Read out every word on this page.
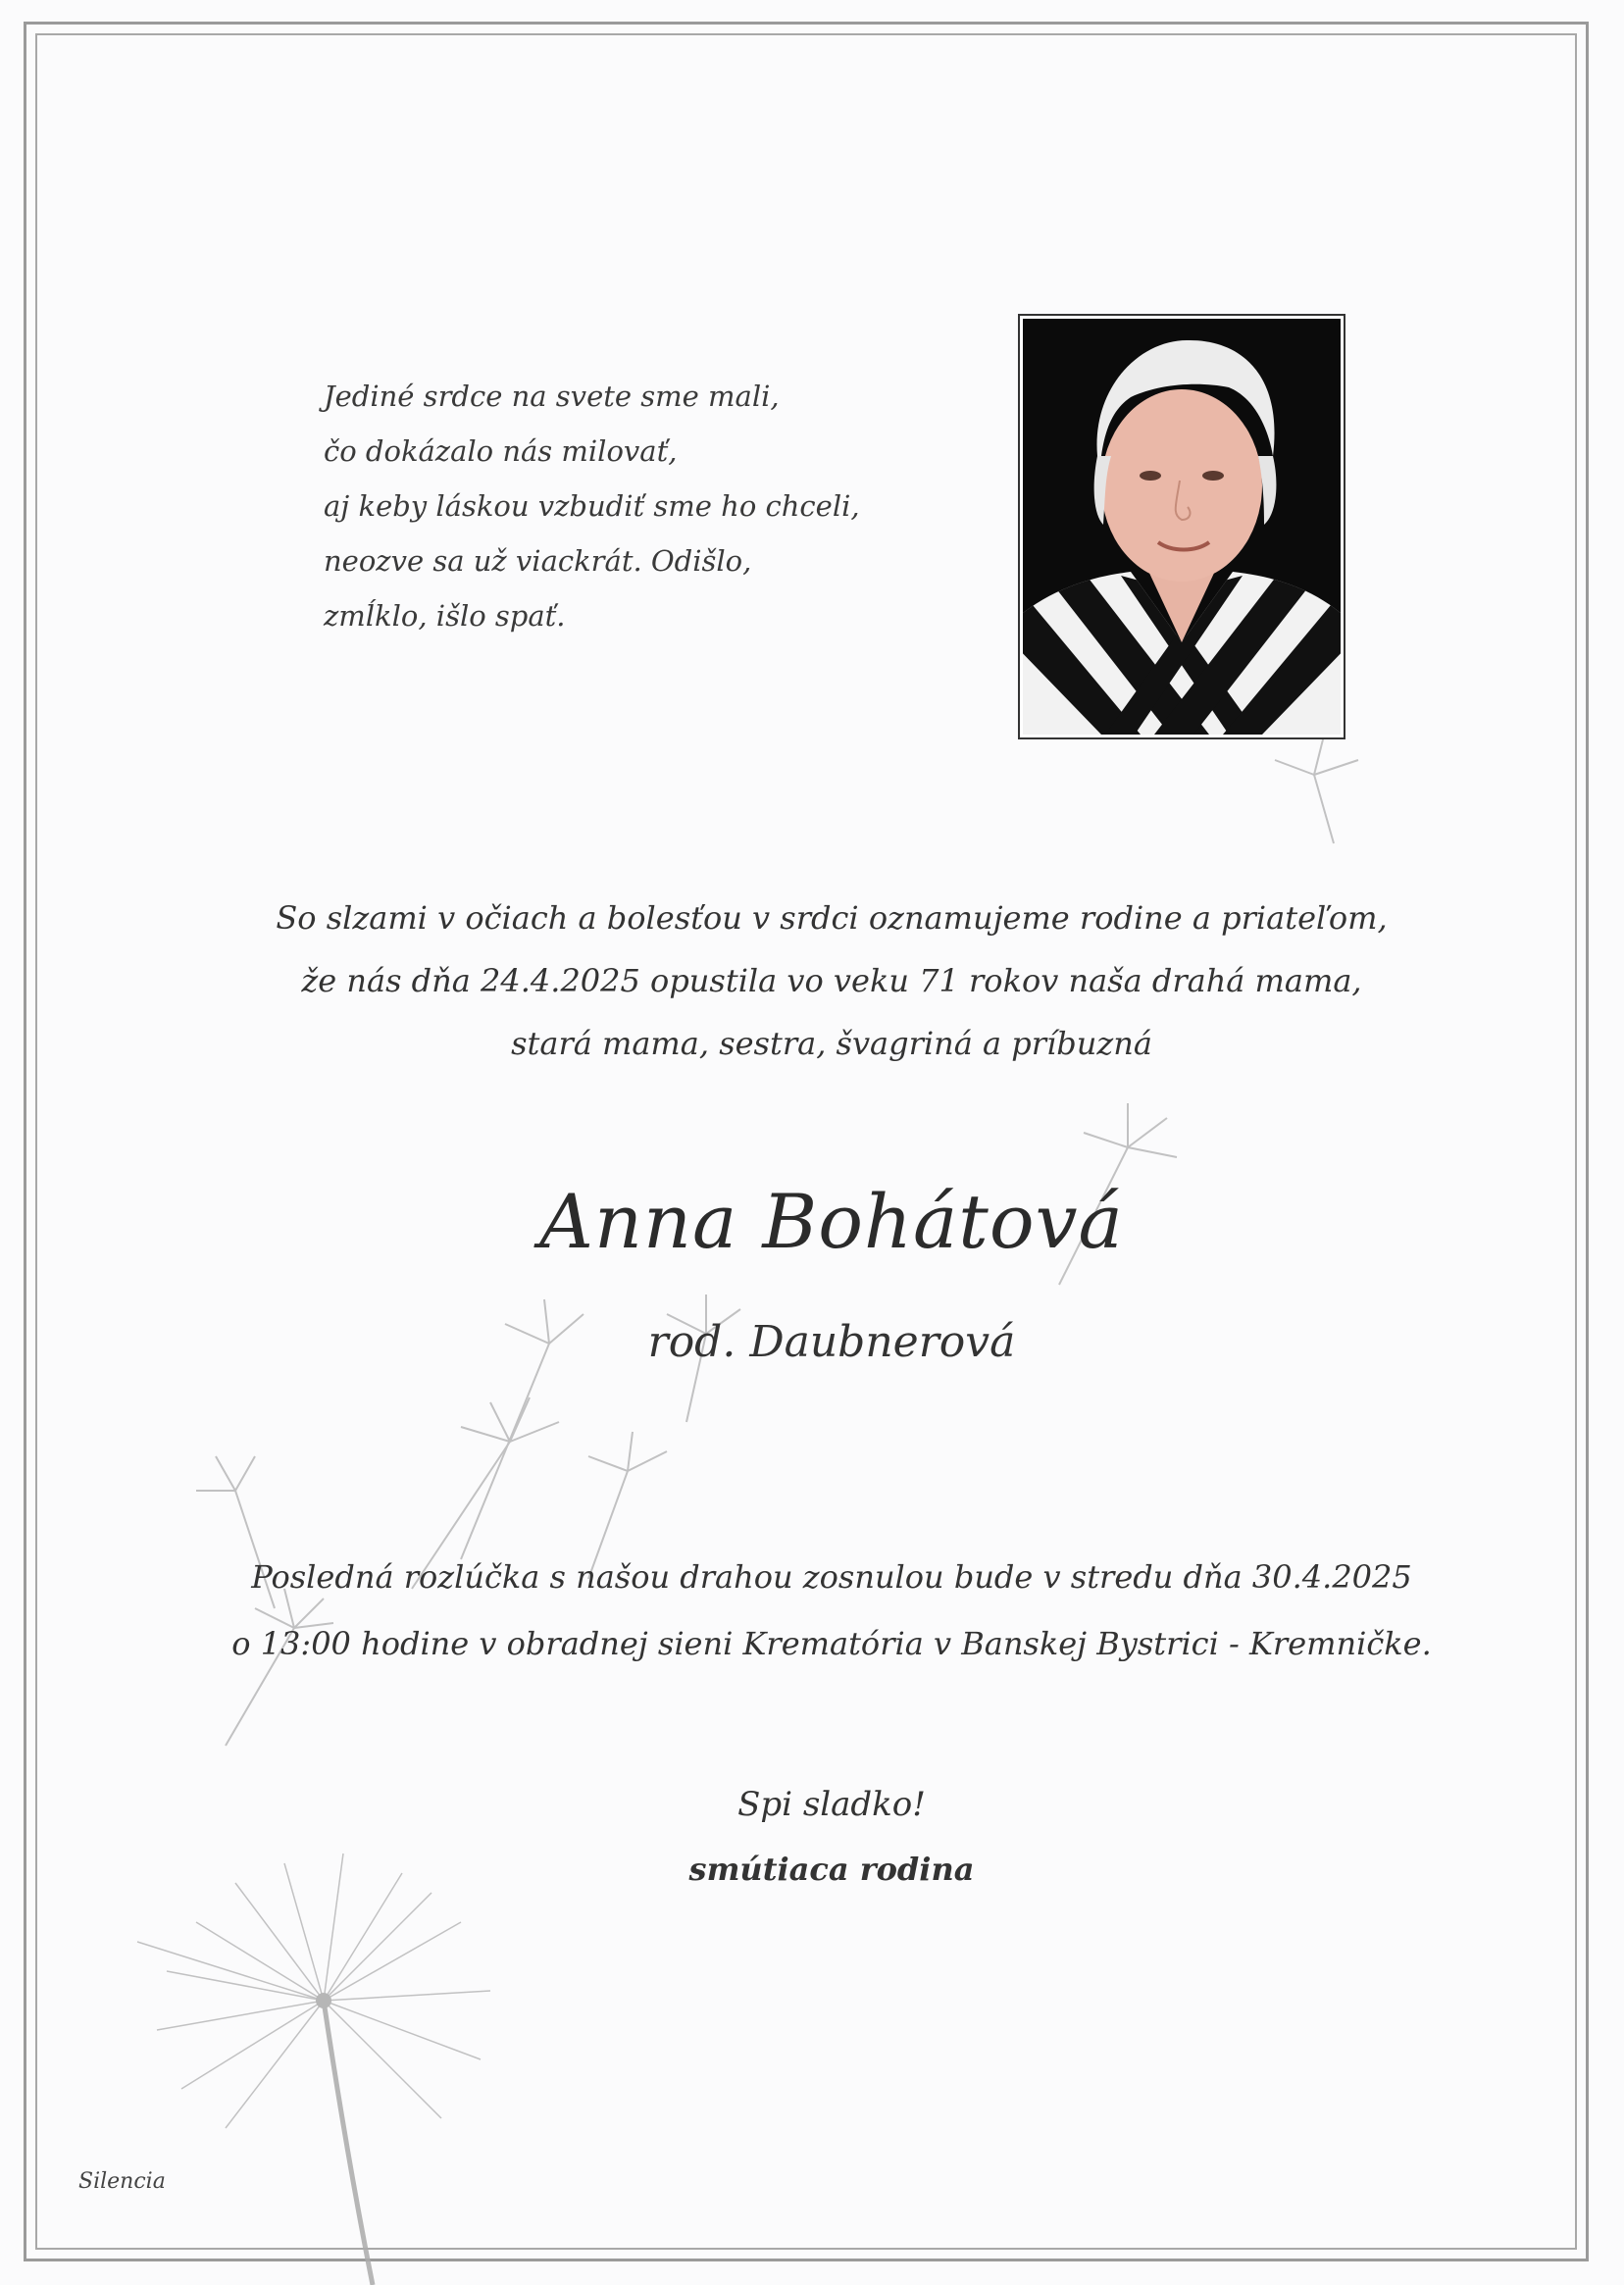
Jediné srdce na svete sme mali,
čo dokázalo nás milovať,
aj keby láskou vzbudiť sme ho chceli,
neozve sa už viackrát. Odišlo,
zmĺklo, išlo spať.
So slzami v očiach a bolesťou v srdci oznamujeme rodine a priateľom,
že nás dňa 24.4.2025 opustila vo veku 71 rokov naša drahá mama,
stará mama, sestra, švagriná a príbuzná
Anna Bohátová
rod. Daubnerová
Posledná rozlúčka s našou drahou zosnulou bude v stredu dňa 30.4.2025
o 13:00 hodine v obradnej sieni Krematória v Banskej Bystrici - Kremničke.
Spi sladko!
smútiaca rodina
Silencia
